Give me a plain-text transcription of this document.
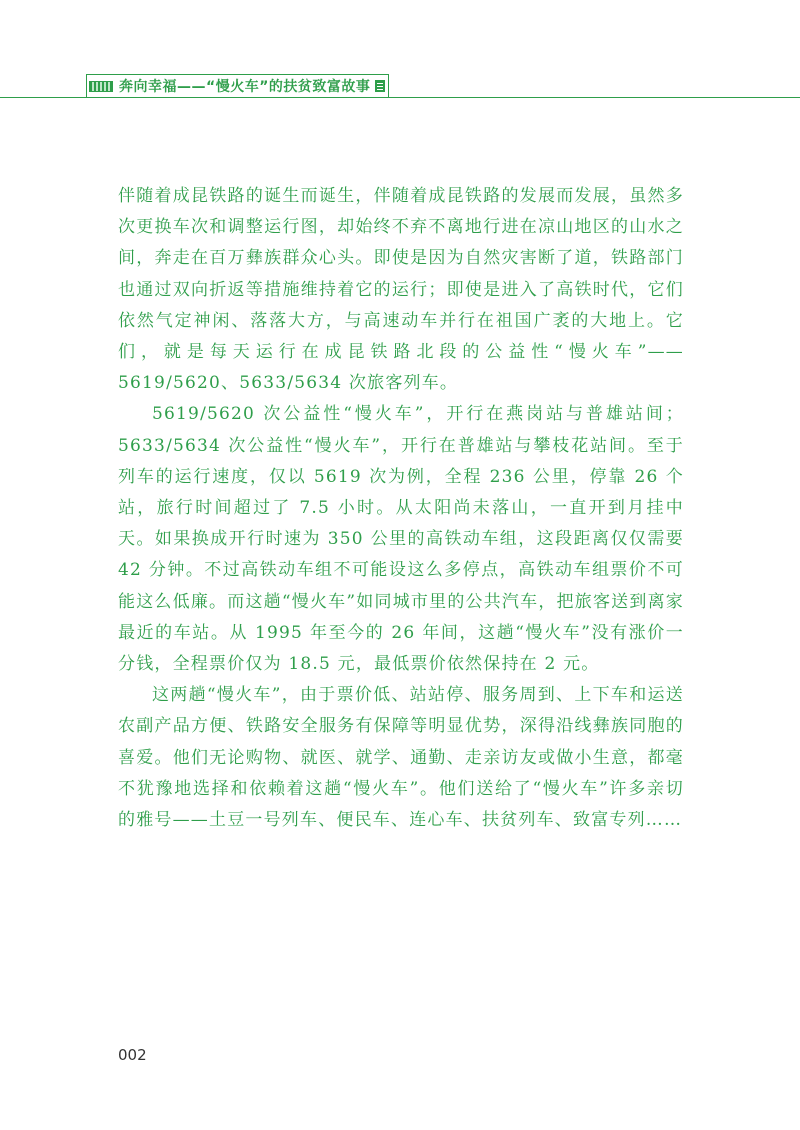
奔向幸福——“慢火车”的扶贫致富故事

伴随着成昆铁路的诞生而诞生，伴随着成昆铁路的发展而发展，虽然多次更换车次和调整运行图，却始终不弃不离地行进在凉山地区的山水之间，奔走在百万彝族群众心头。即使是因为自然灾害断了道，铁路部门也通过双向折返等措施维持着它的运行；即使是进入了高铁时代，它们依然气定神闲、落落大方，与高速动车并行在祖国广袤的大地上。它们，就是每天运行在成昆铁路北段的公益性“慢火车”——5619/5620、5633/5634 次旅客列车。

5619/5620 次公益性“慢火车”，开行在燕岗站与普雄站间；5633/5634 次公益性“慢火车”，开行在普雄站与攀枝花站间。至于列车的运行速度，仅以 5619 次为例，全程 236 公里，停靠 26 个站，旅行时间超过了 7.5 小时。从太阳尚未落山，一直开到月挂中天。如果换成开行时速为 350 公里的高铁动车组，这段距离仅仅需要 42 分钟。不过高铁动车组不可能设这么多停点，高铁动车组票价不可能这么低廉。而这趟“慢火车”如同城市里的公共汽车，把旅客送到离家最近的车站。从 1995 年至今的 26 年间，这趟“慢火车”没有涨价一分钱，全程票价仅为 18.5 元，最低票价依然保持在 2 元。

这两趟“慢火车”，由于票价低、站站停、服务周到、上下车和运送农副产品方便、铁路安全服务有保障等明显优势，深得沿线彝族同胞的喜爱。他们无论购物、就医、就学、通勤、走亲访友或做小生意，都毫不犹豫地选择和依赖着这趟“慢火车”。他们送给了“慢火车”许多亲切的雅号——土豆一号列车、便民车、连心车、扶贫列车、致富专列……

002
